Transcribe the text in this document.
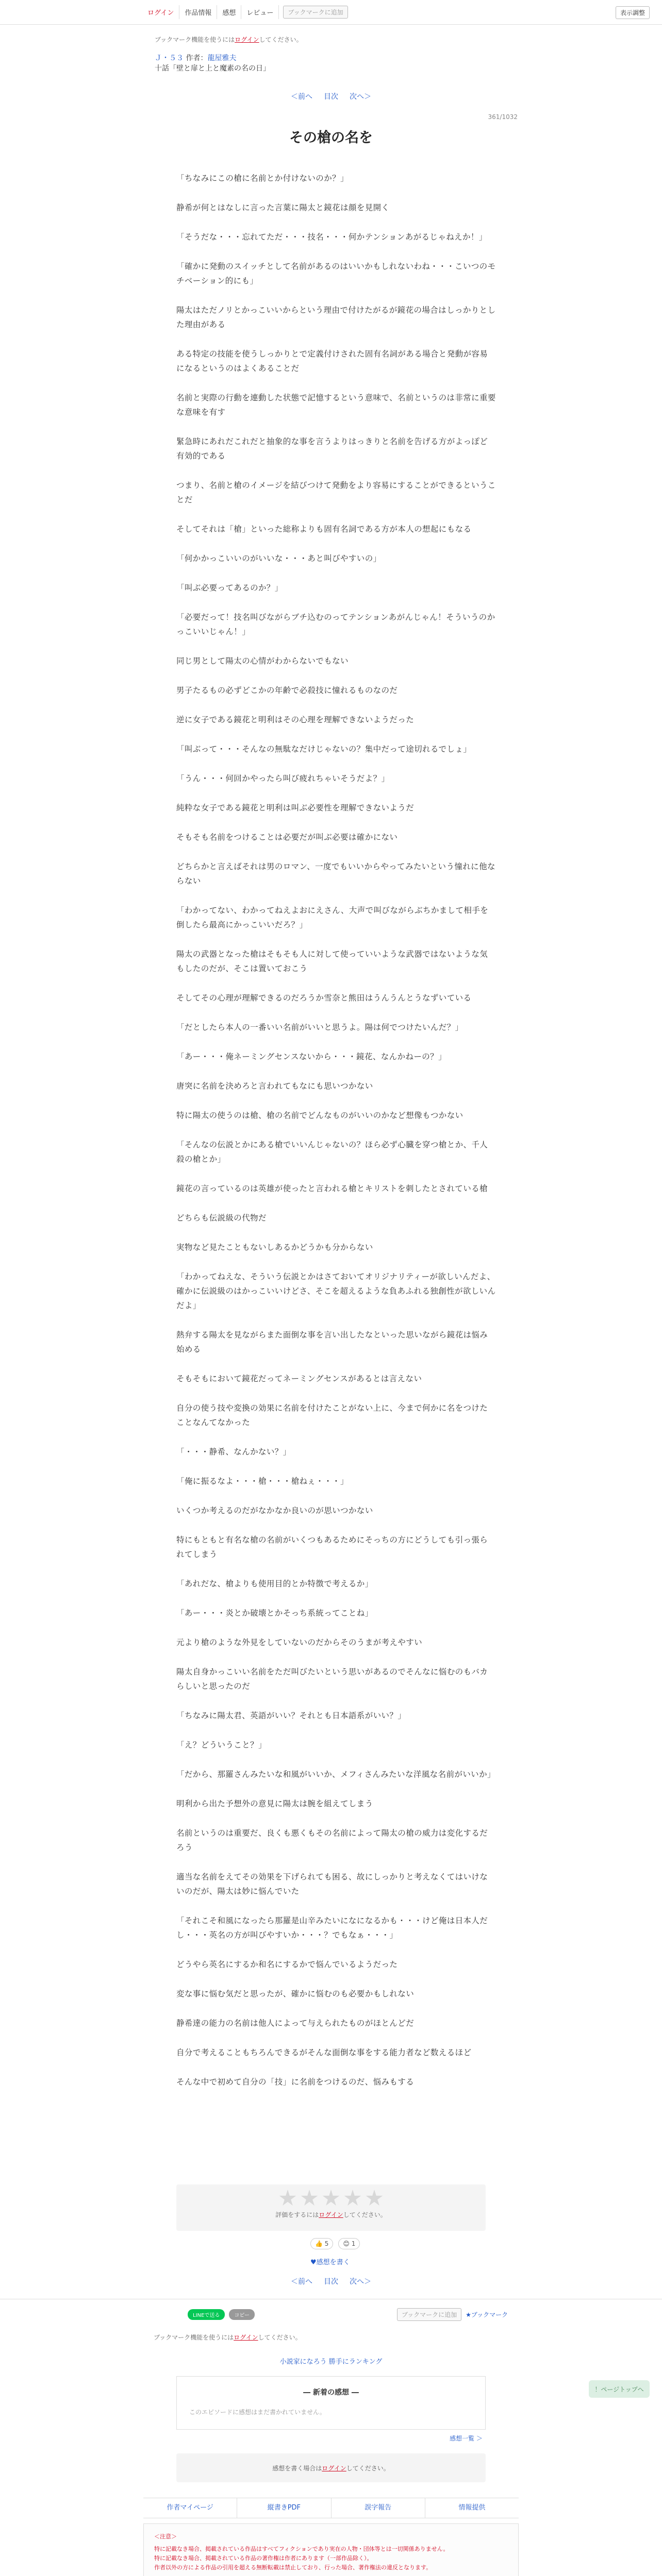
ログイン	作品情報	感想	レビュー	ブックマークに追加	表示調整
ブックマーク機能を使うにはログインしてください。
Ｊ・５３ 作者：龍屋雅夫
十話「壁と扉と上と魔素の名の日」
＜前へ 目次 次へ＞
361/1032
その槍の名を

「ちなみにこの槍に名前とか付けないのか？」

静希が何とはなしに言った言葉に陽太と鏡花は顔を見開く

「そうだな・・・忘れてただ・・・技名・・・何かテンションあがるじゃねえか！」

「確かに発動のスイッチとして名前があるのはいいかもしれないわね・・・こいつのモチベーション的にも」

陽太はただノリとかっこいいからという理由で付けたがるが鏡花の場合はしっかりとした理由がある

ある特定の技能を使うしっかりとで定義付けされた固有名詞がある場合と発動が容易になるというのはよくあることだ

名前と実際の行動を連動した状態で記憶するという意味で、名前というのは非常に重要な意味を有す

緊急時にあれだこれだと抽象的な事を言うよりはっきりと名前を告げる方がよっぽど有効的である

つまり、名前と槍のイメージを結びつけて発動をより容易にすることができるということだ

そしてそれは「槍」といった総称よりも固有名詞である方が本人の想起にもなる

「何かかっこいいのがいいな・・・あと叫びやすいの」

「叫ぶ必要ってあるのか？」

「必要だって！技名叫びながらブチ込むのってテンションあがんじゃん！そういうのかっこいいじゃん！」

同じ男として陽太の心情がわからないでもない

男子たるもの必ずどこかの年齢で必殺技に憧れるものなのだ

逆に女子である鏡花と明利はその心理を理解できないようだった

「叫ぶって・・・そんなの無駄なだけじゃないの？集中だって途切れるでしょ」

「うん・・・何回かやったら叫び疲れちゃいそうだよ？」

純粋な女子である鏡花と明利は叫ぶ必要性を理解できないようだ

そもそも名前をつけることは必要だが叫ぶ必要は確かにない

どちらかと言えばそれは男のロマン、一度でもいいからやってみたいという憧れに他ならない

「わかってない、わかってねえよおにえさん、大声で叫びながらぶちかまして相手を倒したら最高にかっこいいだろ？」

陽太の武器となった槍はそもそも人に対して使っていいような武器ではないような気もしたのだが、そこは置いておこう

そしてその心理が理解できるのだろうか雪奈と熊田はうんうんとうなずいている

「だとしたら本人の一番いい名前がいいと思うよ。陽は何でつけたいんだ？」

「あー・・・俺ネーミングセンスないから・・・鏡花、なんかねーの？」

唐突に名前を決めろと言われてもなにも思いつかない

特に陽太の使うのは槍、槍の名前でどんなものがいいのかなど想像もつかない

「そんなの伝説とかにある槍でいいんじゃないの？ほら必ず心臓を穿つ槍とか、千人殺の槍とか」

鏡花の言っているのは英雄が使ったと言われる槍とキリストを刺したとされている槍

どちらも伝説級の代物だ

実物など見たこともないしあるかどうかも分からない

「わかってねえな、そういう伝説とかはさておいてオリジナリティーが欲しいんだよ、確かに伝説級のはかっこいいけどさ、そこを超えるような負あふれる独創性が欲しいんだよ」

熱弁する陽太を見ながらまた面倒な事を言い出したなといった思いながら鏡花は悩み始める

そもそもにおいて鏡花だってネーミングセンスがあるとは言えない

自分の使う技や変換の効果に名前を付けたことがない上に、今まで何かに名をつけたことなんてなかった

「・・・静希、なんかない？」

「俺に振るなよ・・・槍・・・槍ねぇ・・・」

いくつか考えるのだがなかなか良いのが思いつかない

特にもともと有名な槍の名前がいくつもあるためにそっちの方にどうしても引っ張られてしまう

「あれだな、槍よりも使用目的とか特徴で考えるか」

「あー・・・炎とか破壊とかそっち系統ってことね」

元より槍のような外見をしていないのだからそのうまが考えやすい

陽太自身かっこいい名前をただ叫びたいという思いがあるのでそんなに悩むのもバカらしいと思ったのだ

「ちなみに陽太君、英語がいい？それとも日本語系がいい？」

「え？どういうこと？」

「だから、那羅さんみたいな和風がいいか、メフィさんみたいな洋風な名前がいいか」

明利から出た予想外の意見に陽太は腕を組えてしまう

名前というのは重要だ、良くも悪くもその名前によって陽太の槍の威力は変化するだろう

適当な名前をえてその効果を下げられても困る、故にしっかりと考えなくてはいけないのだが、陽太は妙に悩んでいた

「それこそ和風になったら那羅是山辛みたいになになるかも・・・けど俺は日本人だし・・・英名の方が叫びやすいか・・・？でもなぁ・・・」

どうやら英名にするか和名にするかで悩んでいるようだった

変な事に悩む気だと思ったが、確かに悩むのも必要かもしれない

静希達の能力の名前は他人によって与えられたものがほとんどだ

自分で考えることもちろんできるがそんな面倒な事をする能力者など数えるほど

そんな中で初めて自分の「技」に名前をつけるのだ、悩みもする

！ページトップへ
評価をするにはログインしてください。
👍 5	😊 1
♥感想を書く
＜前へ 目次 次へ＞
LINEで送る	コピー	ブックマークに追加	★ブックマーク
ブックマーク機能を使うにはログインしてください。
小説家になろう 勝手にランキング
― 新着の感想 ―
このエピソードに感想はまだ書かれていません。
感想一覧 ＞
感想を書く場合は ログイン してください。
作者マイページ	縦書きPDF	誤字報告	情報提供
＜注意＞
特に記載なき場合、掲載されている作品はすべてフィクションであり実在の人物・団体等とは一切関係ありません。
特に記載なき場合、掲載されている作品の著作権は作者にあります（一部作品除く）。
作者以外の方による作品の引用を超える無断転載は禁止しており、行った場合、著作権法の違反となります。
